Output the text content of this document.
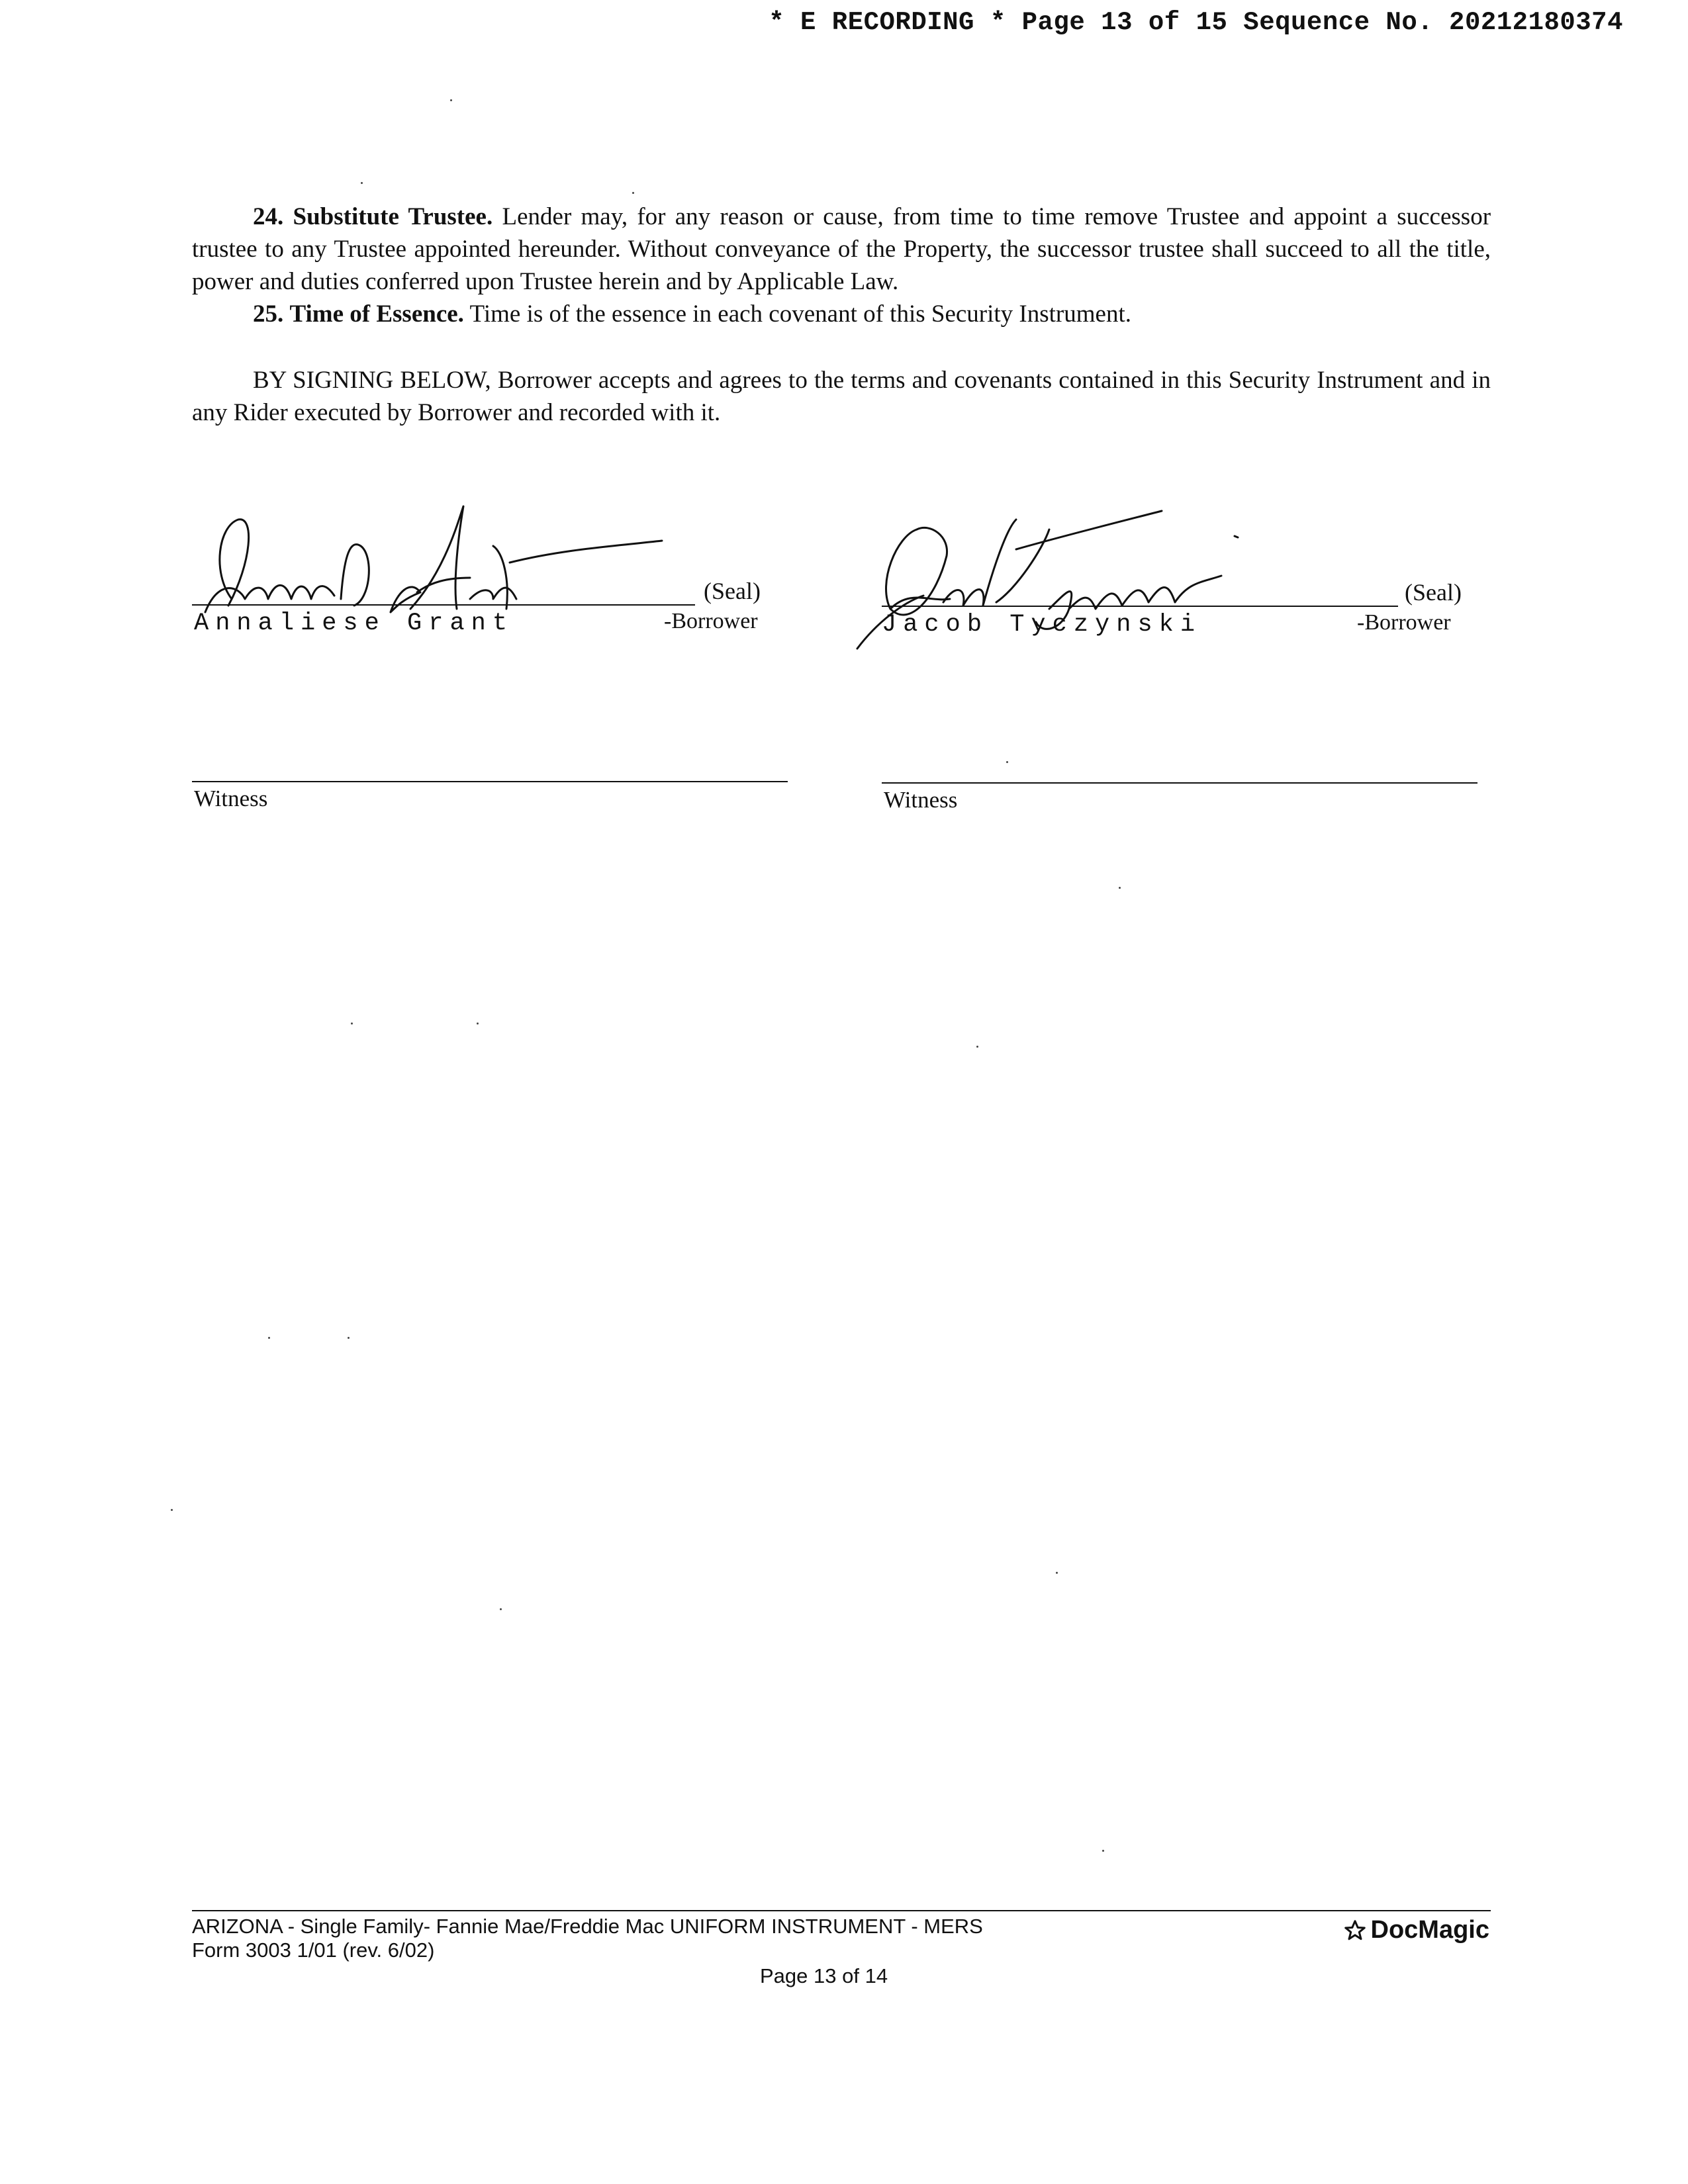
* E RECORDING * Page 13 of 15 Sequence No. 20212180374

24. Substitute Trustee. Lender may, for any reason or cause, from time to time remove Trustee and appoint a successor trustee to any Trustee appointed hereunder. Without conveyance of the Property, the successor trustee shall succeed to all the title, power and duties conferred upon Trustee herein and by Applicable Law.

25. Time of Essence. Time is of the essence in each covenant of this Security Instrument.

BY SIGNING BELOW, Borrower accepts and agrees to the terms and covenants contained in this Security Instrument and in any Rider executed by Borrower and recorded with it.

(Seal)
Annaliese Grant	-Borrower
(Seal)
Jacob Tyczynski	-Borrower
Witness	Witness
ARIZONA - Single Family- Fannie Mae/Freddie Mac UNIFORM INSTRUMENT - MERS
Form 3003 1/01 (rev. 6/02)
Page 13 of 14
DocMagic
